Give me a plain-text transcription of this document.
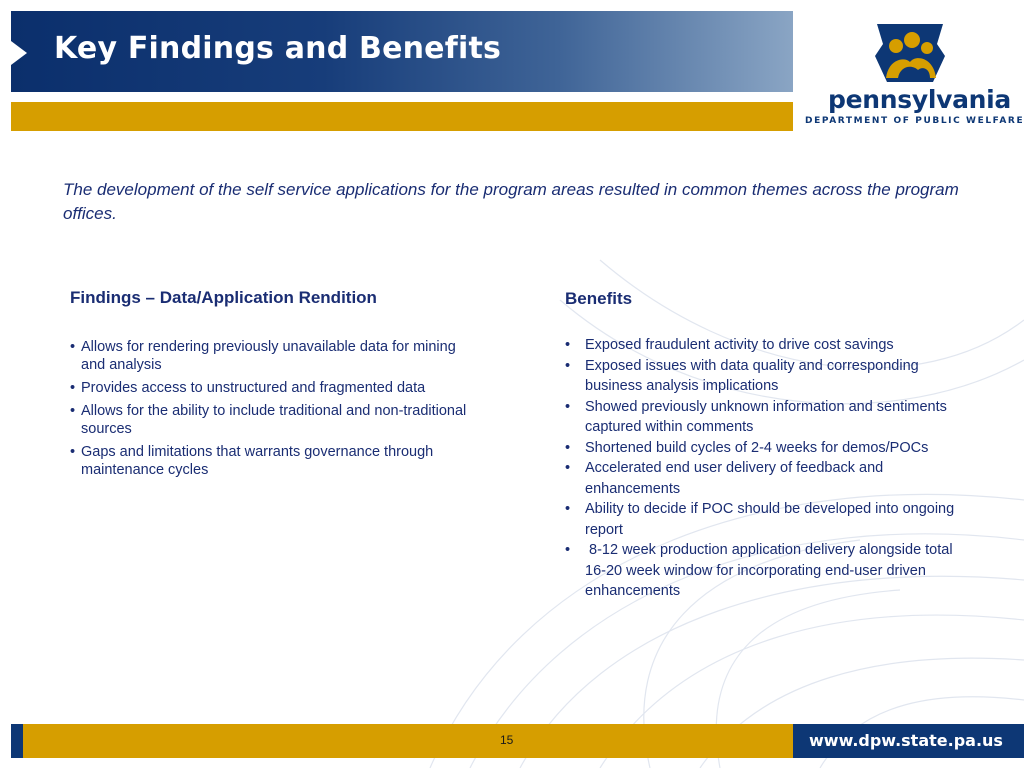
Key Findings and Benefits

pennsylvania

DEPARTMENT OF PUBLIC WELFARE

The development of the self service applications for the program areas resulted in common themes across the program offices.

Findings – Data/Application Rendition
• Allows for rendering previously unavailable data for mining and analysis
• Provides access to unstructured and fragmented data
• Allows for the ability to include traditional and non-traditional sources
• Gaps and limitations that warrants governance through maintenance cycles
Benefits
• Exposed fraudulent activity to drive cost savings
• Exposed issues with data quality and corresponding business analysis implications
• Showed previously unknown information and sentiments captured within comments
• Shortened build cycles of 2-4 weeks for demos/POCs
• Accelerated end user delivery of feedback and enhancements
• Ability to decide if POC should be developed into ongoing report
• 8-12 week production application delivery alongside total 16-20 week window for incorporating end-user driven enhancements

15	www.dpw.state.pa.us
